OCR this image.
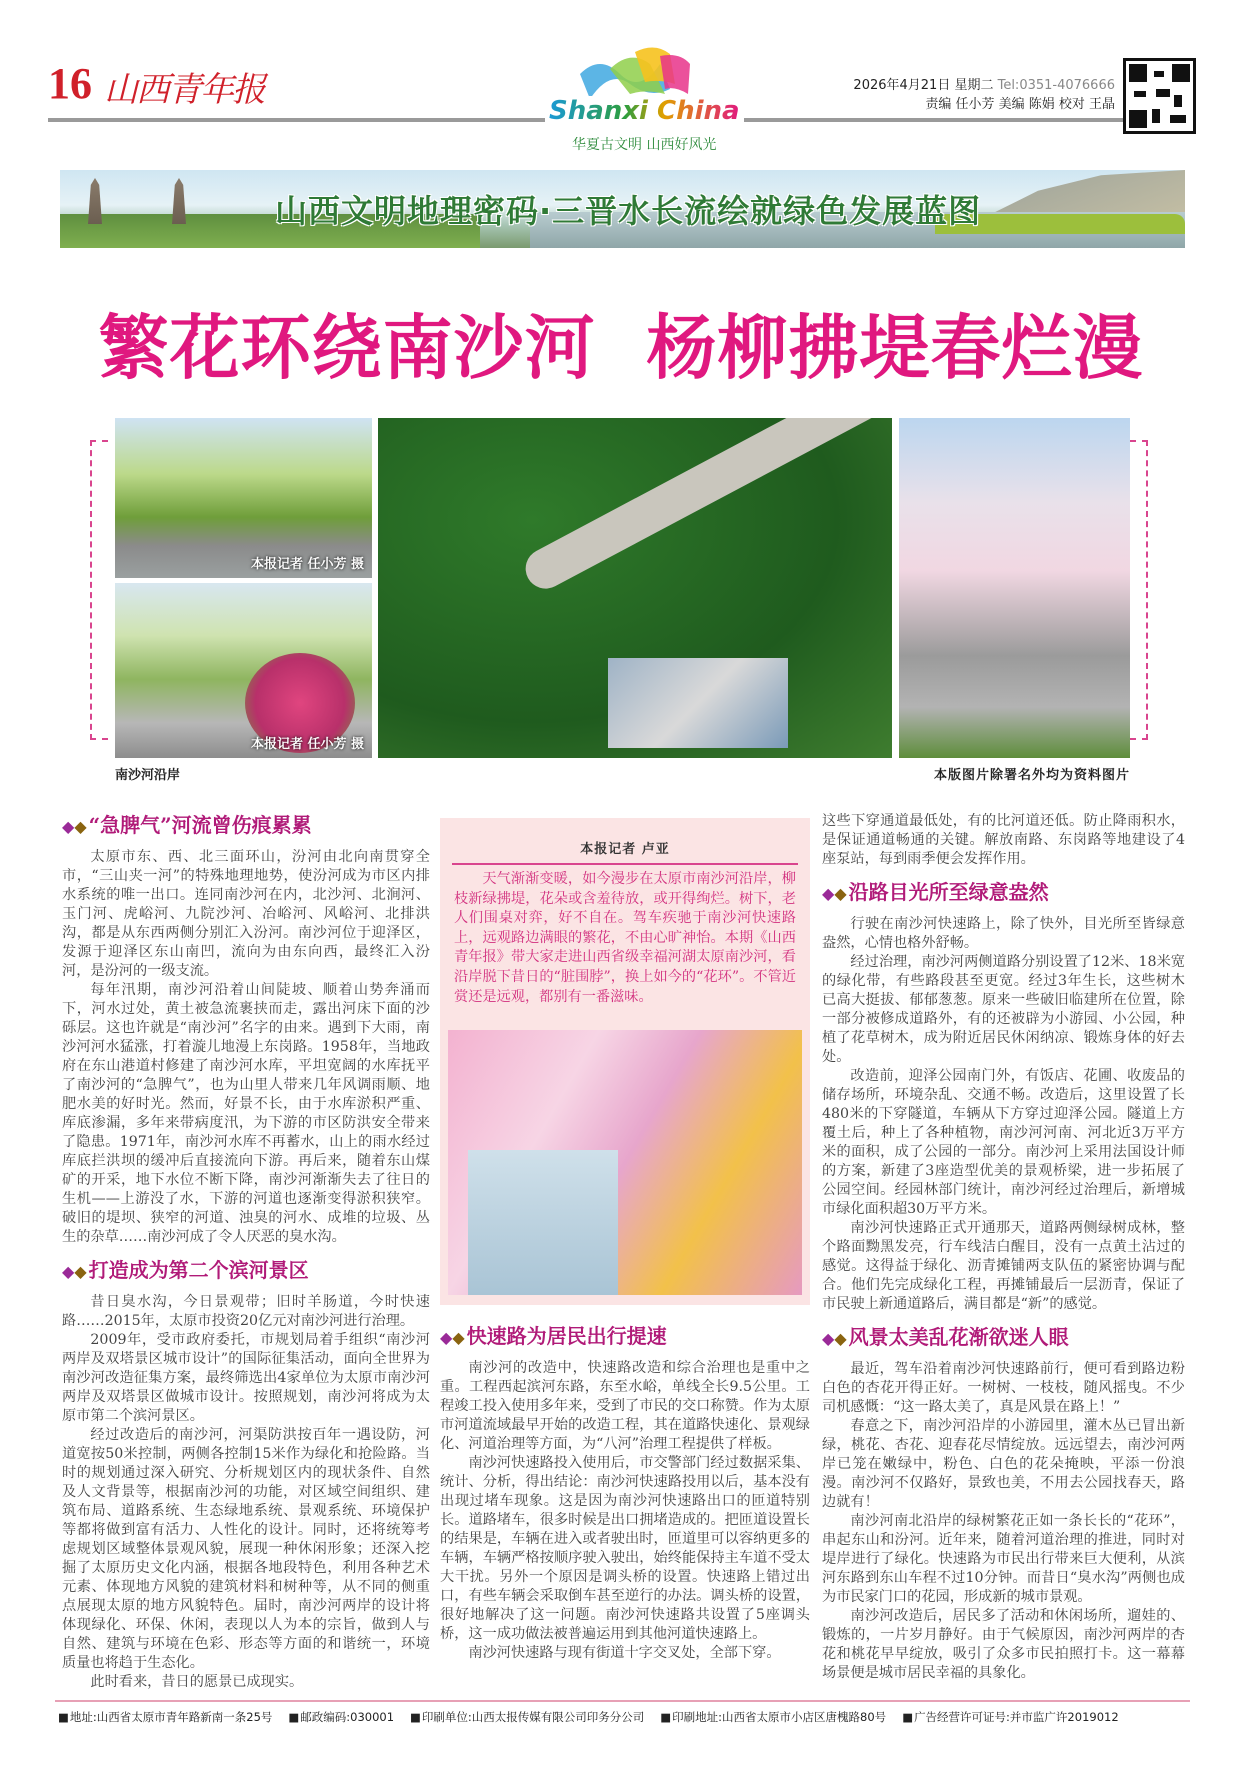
16 山西青年报
Shanxi China
华夏古文明 山西好风光
2026年4月21日 星期二 Tel:0351-4076666
责编 任小芳 美编 陈娟 校对 王晶
山西文明地理密码·三晋水长流绘就绿色发展蓝图
繁花环绕南沙河  杨柳拂堤春烂漫
本报记者 任小芳 摄
本报记者 任小芳 摄
南沙河沿岸	本版图片除署名外均为资料图片
◆◆ “急脾气”河流曾伤痕累累

太原市东、西、北三面环山，汾河由北向南贯穿全市，“三山夹一河”的特殊地理地势，使汾河成为市区内排水系统的唯一出口。连同南沙河在内，北沙河、北涧河、玉门河、虎峪河、九院沙河、冶峪河、风峪河、北排洪沟，都是从东西两侧分别汇入汾河。南沙河位于迎泽区，发源于迎泽区东山南凹，流向为由东向西，最终汇入汾河，是汾河的一级支流。

每年汛期，南沙河沿着山间陡坡、顺着山势奔涌而下，河水过处，黄土被急流裹挟而走，露出河床下面的沙砾层。这也许就是“南沙河”名字的由来。遇到下大雨，南沙河河水猛涨，打着漩儿地漫上东岗路。1958年，当地政府在东山港道村修建了南沙河水库，平坦宽阔的水库抚平了南沙河的“急脾气”，也为山里人带来几年风调雨顺、地肥水美的好时光。然而，好景不长，由于水库淤积严重、库底渗漏，多年来带病度汛，为下游的市区防洪安全带来了隐患。1971年，南沙河水库不再蓄水，山上的雨水经过库底拦洪坝的缓冲后直接流向下游。再后来，随着东山煤矿的开采，地下水位不断下降，南沙河渐渐失去了往日的生机——上游没了水，下游的河道也逐渐变得淤积狭窄。破旧的堤坝、狭窄的河道、浊臭的河水、成堆的垃圾、丛生的杂草……南沙河成了令人厌恶的臭水沟。

◆◆ 打造成为第二个滨河景区

昔日臭水沟，今日景观带；旧时羊肠道，今时快速路……2015年，太原市投资20亿元对南沙河进行治理。

2009年，受市政府委托，市规划局着手组织“南沙河两岸及双塔景区城市设计”的国际征集活动，面向全世界为南沙河改造征集方案，最终筛选出4家单位为太原市南沙河两岸及双塔景区做城市设计。按照规划，南沙河将成为太原市第二个滨河景区。

经过改造后的南沙河，河渠防洪按百年一遇设防，河道宽按50米控制，两侧各控制15米作为绿化和抢险路。当时的规划通过深入研究、分析规划区内的现状条件、自然及人文背景等，根据南沙河的功能，对区域空间组织、建筑布局、道路系统、生态绿地系统、景观系统、环境保护等都将做到富有活力、人性化的设计。同时，还将统筹考虑规划区域整体景观风貌，展现一种休闲形象；还深入挖掘了太原历史文化内涵，根据各地段特色，利用各种艺术元素、体现地方风貌的建筑材料和树种等，从不同的侧重点展现太原的地方风貌特色。届时，南沙河两岸的设计将体现绿化、环保、休闲，表现以人为本的宗旨，做到人与自然、建筑与环境在色彩、形态等方面的和谐统一，环境质量也将趋于生态化。

此时看来，昔日的愿景已成现实。

本报记者 卢亚

天气渐渐变暖，如今漫步在太原市南沙河沿岸，柳枝新绿拂堤，花朵或含羞待放，或开得绚烂。树下，老人们围桌对弈，好不自在。驾车疾驰于南沙河快速路上，远观路边满眼的繁花，不由心旷神怡。本期《山西青年报》带大家走进山西省级幸福河湖太原南沙河，看沿岸脱下昔日的“脏围脖”，换上如今的“花环”。不管近赏还是远观，都别有一番滋味。

◆◆ 快速路为居民出行提速

南沙河的改造中，快速路改造和综合治理也是重中之重。工程西起滨河东路，东至水峪，单线全长9.5公里。工程竣工投入使用多年来，受到了市民的交口称赞。作为太原市河道流域最早开始的改造工程，其在道路快速化、景观绿化、河道治理等方面，为“八河”治理工程提供了样板。

南沙河快速路投入使用后，市交警部门经过数据采集、统计、分析，得出结论：南沙河快速路投用以后，基本没有出现过堵车现象。这是因为南沙河快速路出口的匝道特别长。道路堵车，很多时候是出口拥堵造成的。把匝道设置长的结果是，车辆在进入或者驶出时，匝道里可以容纳更多的车辆，车辆严格按顺序驶入驶出，始终能保持主车道不受太大干扰。另外一个原因是调头桥的设置。快速路上错过出口，有些车辆会采取倒车甚至逆行的办法。调头桥的设置，很好地解决了这一问题。南沙河快速路共设置了5座调头桥，这一成功做法被普遍运用到其他河道快速路上。

南沙河快速路与现有街道十字交叉处，全部下穿。

这些下穿通道最低处，有的比河道还低。防止降雨积水，是保证通道畅通的关键。解放南路、东岗路等地建设了4座泵站，每到雨季便会发挥作用。

◆◆ 沿路目光所至绿意盎然

行驶在南沙河快速路上，除了快外，目光所至皆绿意盎然，心情也格外舒畅。

经过治理，南沙河两侧道路分别设置了12米、18米宽的绿化带，有些路段甚至更宽。经过3年生长，这些树木已高大挺拔、郁郁葱葱。原来一些破旧临建所在位置，除一部分被修成道路外，有的还被辟为小游园、小公园，种植了花草树木，成为附近居民休闲纳凉、锻炼身体的好去处。

改造前，迎泽公园南门外，有饭店、花圃、收废品的储存场所，环境杂乱、交通不畅。改造后，这里设置了长480米的下穿隧道，车辆从下方穿过迎泽公园。隧道上方覆土后，种上了各种植物，南沙河河南、河北近3万平方米的面积，成了公园的一部分。南沙河上采用法国设计师的方案，新建了3座造型优美的景观桥梁，进一步拓展了公园空间。经园林部门统计，南沙河经过治理后，新增城市绿化面积超30万平方米。

南沙河快速路正式开通那天，道路两侧绿树成林，整个路面黝黑发亮，行车线洁白醒目，没有一点黄土沾过的感觉。这得益于绿化、沥青摊铺两支队伍的紧密协调与配合。他们先完成绿化工程，再摊铺最后一层沥青，保证了市民驶上新通道路后，满目都是“新”的感觉。

◆◆ 风景太美乱花渐欲迷人眼

最近，驾车沿着南沙河快速路前行，便可看到路边粉白色的杏花开得正好。一树树、一枝枝，随风摇曳。不少司机感慨：“这一路太美了，真是风景在路上！”

春意之下，南沙河沿岸的小游园里，灌木丛已冒出新绿，桃花、杏花、迎春花尽情绽放。远远望去，南沙河两岸已笼在嫩绿中，粉色、白色的花朵掩映，平添一份浪漫。南沙河不仅路好，景致也美，不用去公园找春天，路边就有！

南沙河南北沿岸的绿树繁花正如一条长长的“花环”，串起东山和汾河。近年来，随着河道治理的推进，同时对堤岸进行了绿化。快速路为市民出行带来巨大便利，从滨河东路到东山车程不过10分钟。而昔日“臭水沟”两侧也成为市民家门口的花园，形成新的城市景观。

南沙河改造后，居民多了活动和休闲场所，遛娃的、锻炼的，一片岁月静好。由于气候原因，南沙河两岸的杏花和桃花早早绽放，吸引了众多市民拍照打卡。这一幕幕场景便是城市居民幸福的具象化。

■ 地址:山西省太原市青年路新南一条25号	■ 邮政编码:030001	■ 印刷单位:山西太报传媒有限公司印务分公司	■ 印刷地址:山西省太原市小店区唐槐路80号	■ 广告经营许可证号:并市监广许2019012
